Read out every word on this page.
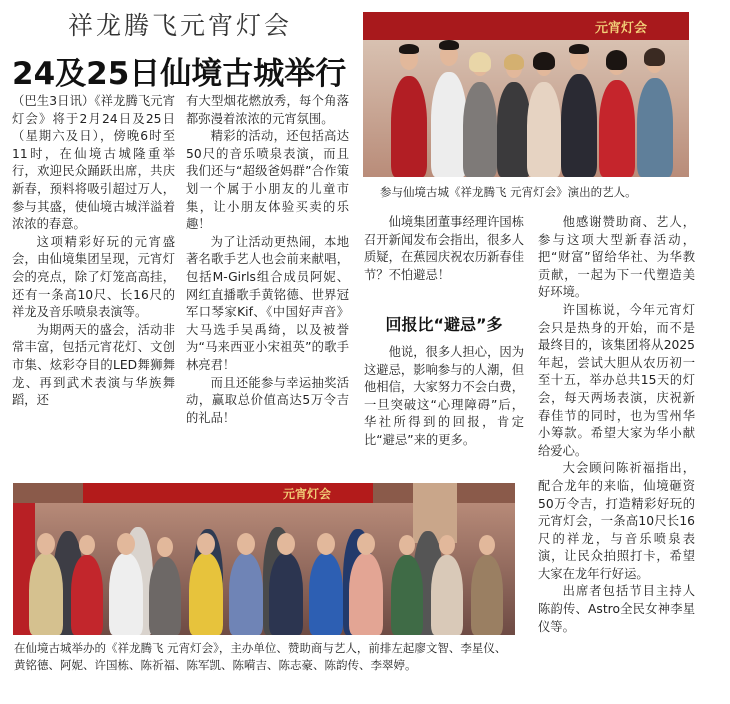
祥龙腾飞元宵灯会
24及25日仙境古城举行

（巴生3日讯）《祥龙腾飞元宵灯会》将于2月24日及25日（星期六及日），傍晚6时至11时，在仙境古城隆重举行，欢迎民众踊跃出席，共庆新春，预料将吸引超过万人，参与其盛，使仙境古城洋溢着浓浓的春意。

这项精彩好玩的元宵盛会，由仙境集团呈现，元宵灯会的亮点，除了灯笼高高挂，还有一条高10尺、长16尺的祥龙及音乐喷泉表演等。

为期两天的盛会，活动非常丰富，包括元宵花灯、文创市集、炫彩夺目的LED舞狮舞龙、再到武术表演与华族舞蹈，还

有大型烟花燃放秀，每个角落都弥漫着浓浓的元宵氛围。

精彩的活动，还包括高达50尺的音乐喷泉表演，而且我们还与“超级爸妈群”合作策划一个属于小朋友的儿童市集，让小朋友体验买卖的乐趣！

为了让活动更热闹，本地著名歌手艺人也会前来献唱，包括M-Girls组合成员阿妮、网红直播歌手黄铭德、世界冠军口琴家Kif、《中国好声音》大马选手吴禹绮，以及被誉为“马来西亚小宋祖英”的歌手林亮君！

而且还能参与幸运抽奖活动，赢取总价值高达5万令吉的礼品！

元宵灯会
参与仙境古城《祥龙腾飞 元宵灯会》演出的艺人。

仙境集团董事经理许国栋召开新闻发布会指出，很多人质疑，在蕉园庆祝农历新春佳节？不怕避忌！

回报比“避忌”多

他说，很多人担心，因为这避忌，影响参与的人潮，但他相信，大家努力不会白费，一旦突破这“心理障碍”后，华社所得到的回报，肯定比“避忌”来的更多。

他感谢赞助商、艺人，参与这项大型新春活动，把“财富”留给华社、为华教贡献，一起为下一代塑造美好环境。

许国栋说，今年元宵灯会只是热身的开始，而不是最终目的，该集团将从2025年起，尝试大胆从农历初一至十五，举办总共15天的灯会，每天两场表演，庆祝新春佳节的同时，也为雪州华小筹款。希望大家为华小献给爱心。

大会顾问陈祈福指出，配合龙年的来临，仙境砸资50万令吉，打造精彩好玩的元宵灯会，一条高10尺长16尺的祥龙，与音乐喷泉表演，让民众拍照打卡，希望大家在龙年行好运。

出席者包括节目主持人陈韵传、Astro全民女神李星仪等。

元宵灯会
在仙境古城举办的《祥龙腾飞 元宵灯会》，主办单位、赞助商与艺人，前排左起廖文智、李星仪、黄铭德、阿妮、许国栋、陈祈福、陈军凯、陈嗬吉、陈志豪、陈韵传、李翠婷。
